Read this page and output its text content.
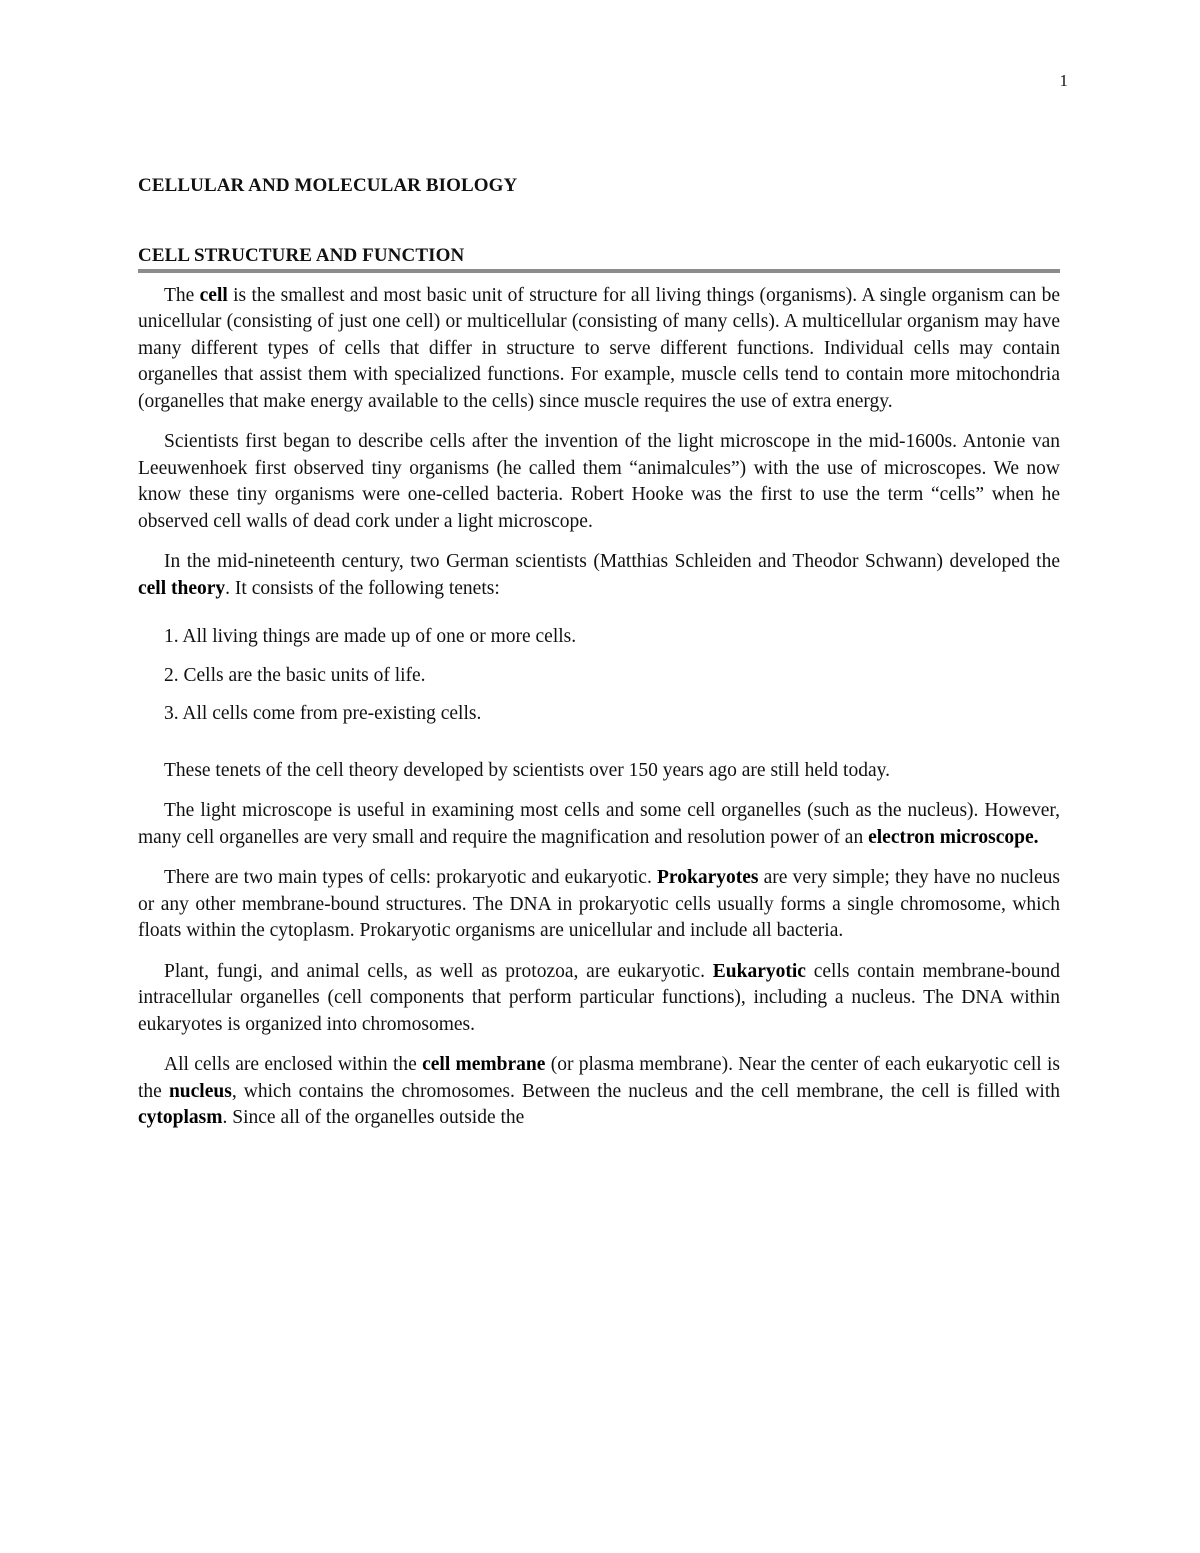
1
CELLULAR AND MOLECULAR BIOLOGY
CELL STRUCTURE AND FUNCTION

The cell is the smallest and most basic unit of structure for all living things (organisms). A single organism can be unicellular (consisting of just one cell) or multicellular (consisting of many cells). A multicellular organism may have many different types of cells that differ in structure to serve different functions. Individual cells may contain organelles that assist them with specialized functions. For example, muscle cells tend to contain more mitochondria (organelles that make energy available to the cells) since muscle requires the use of extra energy.

Scientists first began to describe cells after the invention of the light microscope in the mid-1600s. Antonie van Leeuwenhoek first observed tiny organisms (he called them “animalcules”) with the use of microscopes. We now know these tiny organisms were one-celled bacteria. Robert Hooke was the first to use the term “cells” when he observed cell walls of dead cork under a light microscope.

In the mid-nineteenth century, two German scientists (Matthias Schleiden and Theodor Schwann) developed the cell theory. It consists of the following tenets:

1. All living things are made up of one or more cells.
2. Cells are the basic units of life.
3. All cells come from pre-existing cells.

These tenets of the cell theory developed by scientists over 150 years ago are still held today.

The light microscope is useful in examining most cells and some cell organelles (such as the nucleus). However, many cell organelles are very small and require the magnification and resolution power of an electron microscope.

There are two main types of cells: prokaryotic and eukaryotic. Prokaryotes are very simple; they have no nucleus or any other membrane-bound structures. The DNA in prokaryotic cells usually forms a single chromosome, which floats within the cytoplasm. Prokaryotic organisms are unicellular and include all bacteria.

Plant, fungi, and animal cells, as well as protozoa, are eukaryotic. Eukaryotic cells contain membrane-bound intracellular organelles (cell components that perform particular functions), including a nucleus. The DNA within eukaryotes is organized into chromosomes.

All cells are enclosed within the cell membrane (or plasma membrane). Near the center of each eukaryotic cell is the nucleus, which contains the chromosomes. Between the nucleus and the cell membrane, the cell is filled with cytoplasm. Since all of the organelles outside the
